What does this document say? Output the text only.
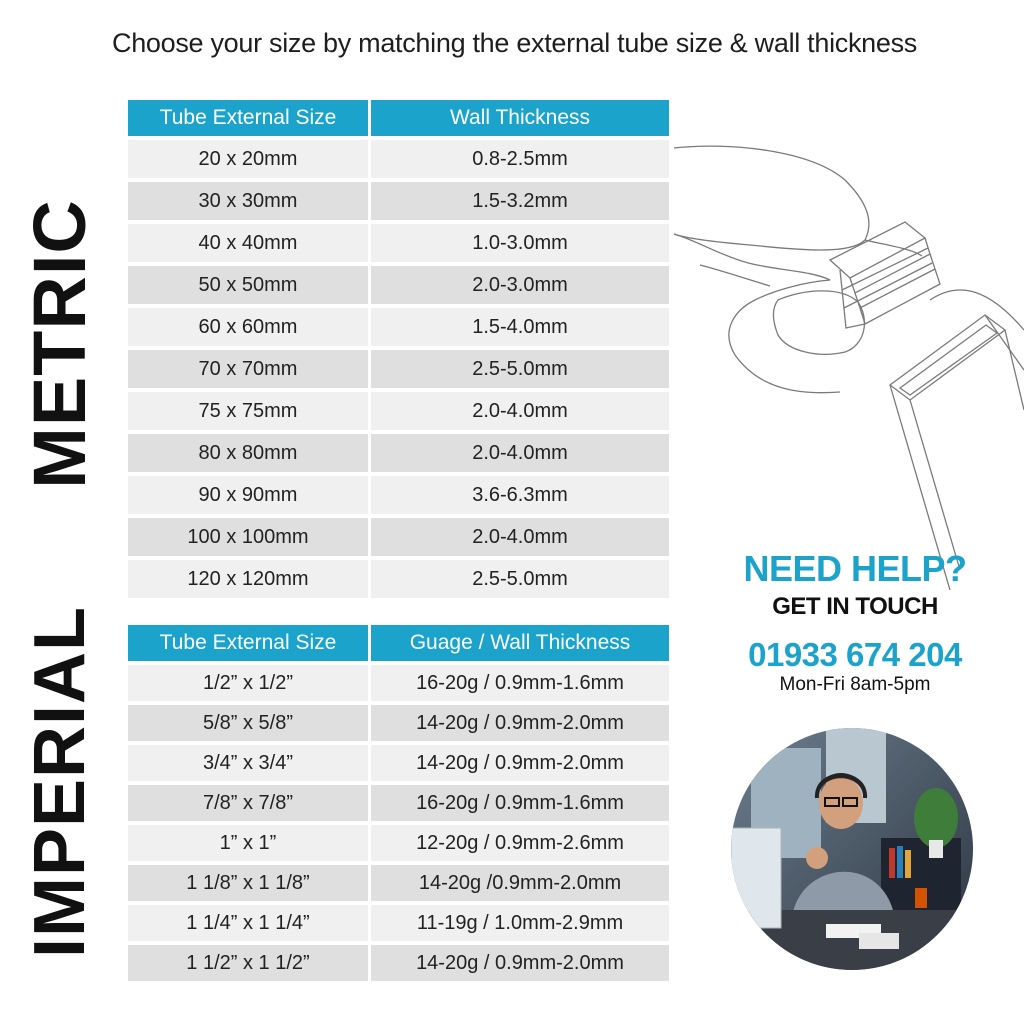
Choose your size by matching the external tube size & wall thickness
METRIC
IMPERIAL
Tube External Size	Wall Thickness
20 x 20mm	0.8-2.5mm
30 x 30mm	1.5-3.2mm
40 x 40mm	1.0-3.0mm
50 x 50mm	2.0-3.0mm
60 x 60mm	1.5-4.0mm
70 x 70mm	2.5-5.0mm
75 x 75mm	2.0-4.0mm
80 x 80mm	2.0-4.0mm
90 x 90mm	3.6-6.3mm
100 x 100mm	2.0-4.0mm
120 x 120mm	2.5-5.0mm
Tube External Size	Guage / Wall Thickness
1/2” x 1/2”	16-20g / 0.9mm-1.6mm
5/8” x 5/8”	14-20g / 0.9mm-2.0mm
3/4” x 3/4”	14-20g / 0.9mm-2.0mm
7/8” x 7/8”	16-20g / 0.9mm-1.6mm
1” x 1”	12-20g / 0.9mm-2.6mm
1 1/8” x 1 1/8”	14-20g /0.9mm-2.0mm
1 1/4” x 1 1/4”	11-19g / 1.0mm-2.9mm
1 1/2” x 1 1/2”	14-20g / 0.9mm-2.0mm
NEED HELP?
GET IN TOUCH
01933 674 204
Mon-Fri 8am-5pm
